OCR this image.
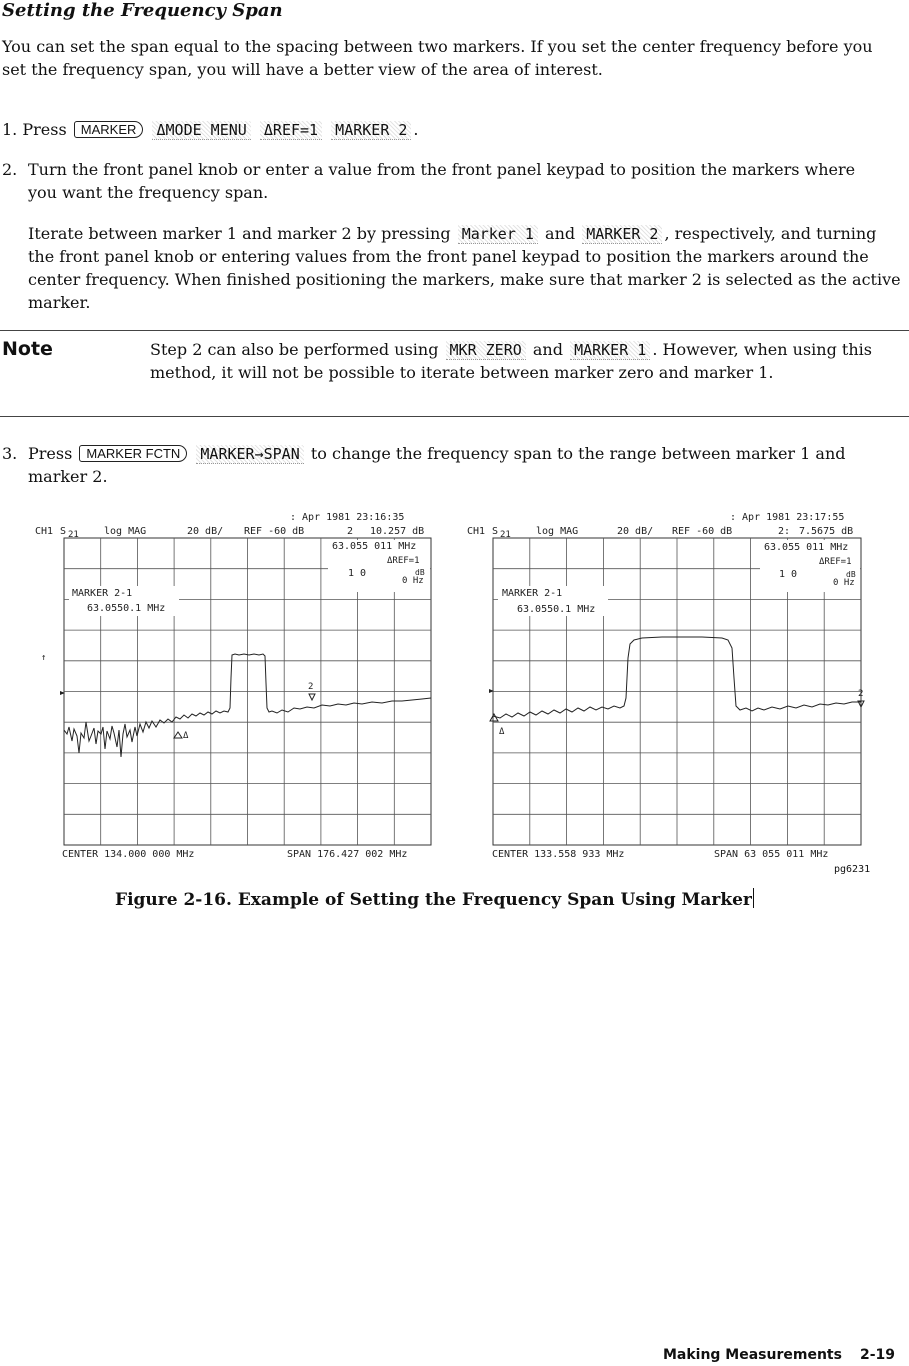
Setting the Frequency Span
You can set the span equal to the spacing between two markers. If you set the center frequency before you set the frequency span, you will have a better view of the area of interest.
1. Press MARKER ΔMODE MENU ΔREF=1 MARKER 2 .
2. Turn the front panel knob or enter a value from the front panel keypad to position the markers where you want the frequency span.
Iterate between marker 1 and marker 2 by pressing Marker 1 and MARKER 2 , respectively, and turning the front panel knob or entering values from the front panel keypad to position the markers around the center frequency. When finished positioning the markers, make sure that marker 2 is selected as the active marker.
Note	Step 2 can also be performed using MKR ZERO and MARKER 1 . However, when using this method, it will not be possible to iterate between marker zero and marker 1.
3. Press MARKER FCTN MARKER→SPAN to change the frequency span to the range between marker 1 and marker 2.
: Apr 1981 23:16:35
CH1 S 21	log MAG	20 dB/ REF -60 dB	2 10.257 dB
63.055 011 MHz
ΔREF=1
1 0	dB
0 Hz
MARKER 2-1
63.0550.1 MHz
↑
Δ
2
CENTER 134.000 000 MHz	SPAN 176.427 002 MHz
: Apr 1981 23:17:55
CH1 S 21	log MAG	20 dB/ REF -60 dB	2: 7.5675 dB
63.055 011 MHz
ΔREF=1
1 0	dB
0 Hz
MARKER 2-1
63.0550.1 MHz
Δ
2
CENTER 133.558 933 MHz	SPAN 63 055 011 MHz
pg6231
Figure 2-16. Example of Setting the Frequency Span Using Marker
Making Measurements 2-19
